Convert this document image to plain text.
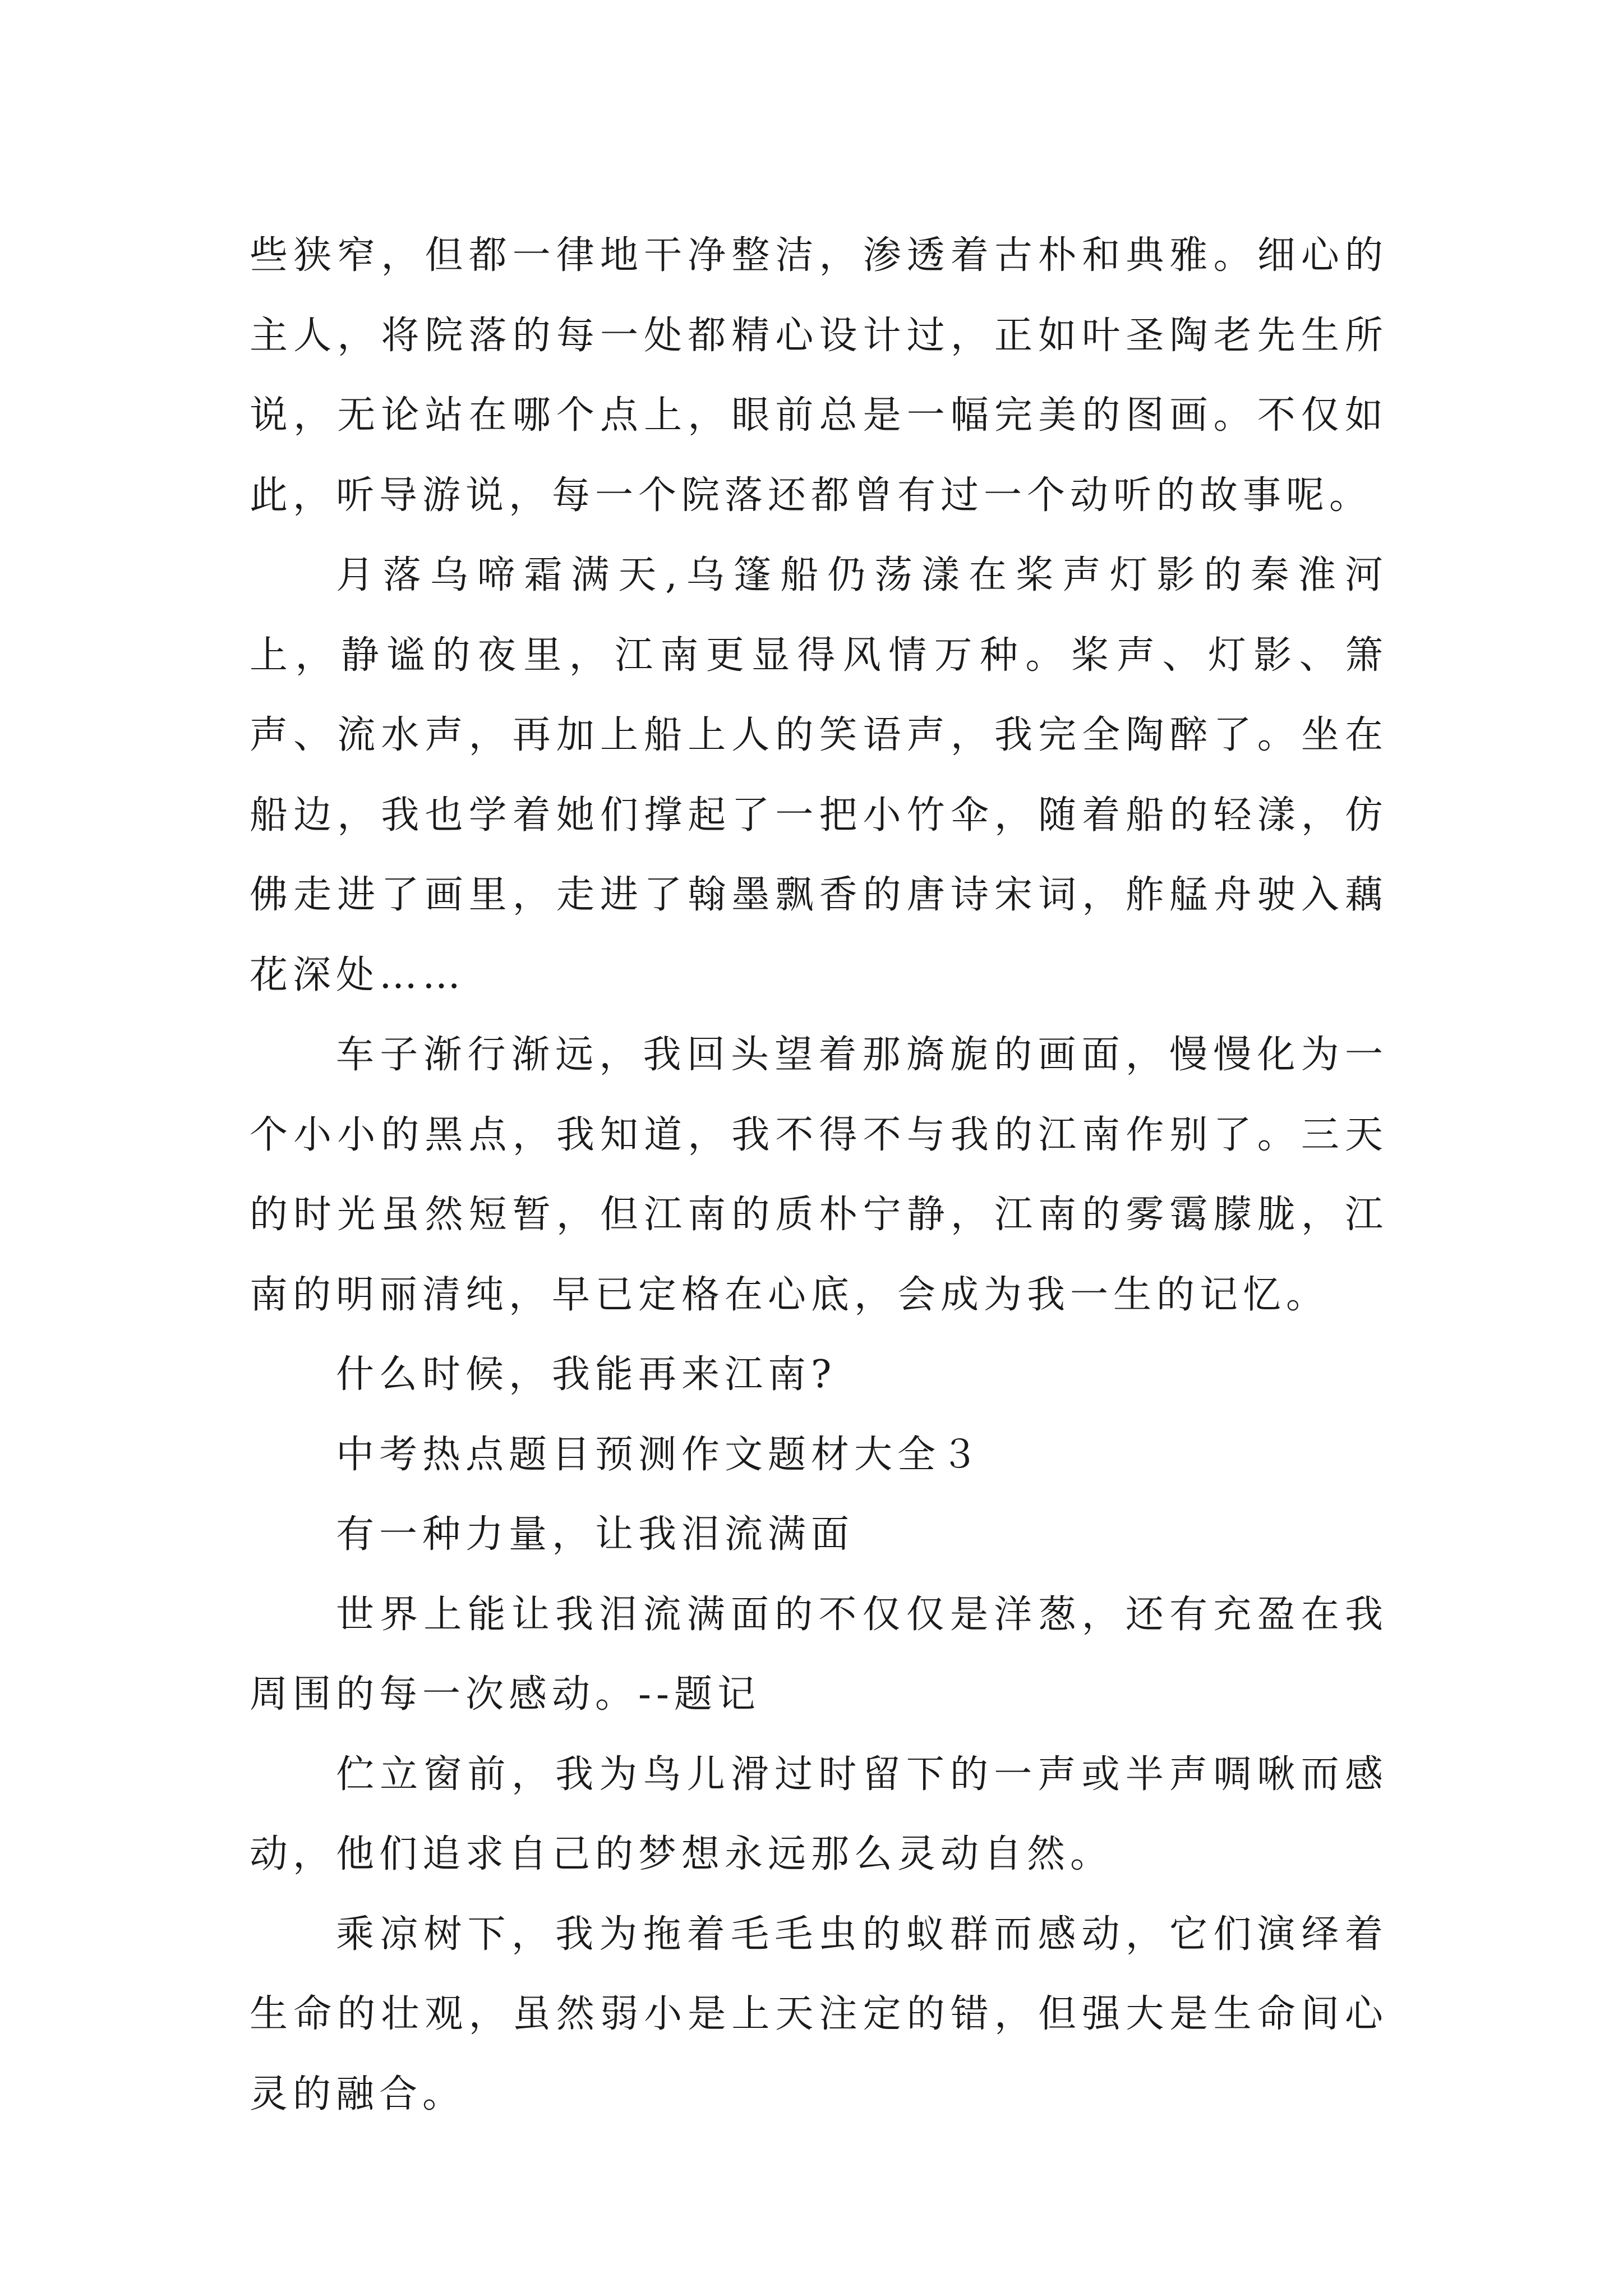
些狭窄，但都一律地干净整洁，渗透着古朴和典雅。细心的主人，将院落的每一处都精心设计过，正如叶圣陶老先生所说，无论站在哪个点上，眼前总是一幅完美的图画。不仅如此，听导游说，每一个院落还都曾有过一个动听的故事呢。

月落乌啼霜满天,乌篷船仍荡漾在桨声灯影的秦淮河上，静谧的夜里，江南更显得风情万种。桨声、灯影、箫声、流水声，再加上船上人的笑语声，我完全陶醉了。坐在船边，我也学着她们撑起了一把小竹伞，随着船的轻漾，仿佛走进了画里，走进了翰墨飘香的唐诗宋词，舴艋舟驶入藕花深处……

车子渐行渐远，我回头望着那旖旎的画面，慢慢化为一个小小的黑点，我知道，我不得不与我的江南作别了。三天的时光虽然短暂，但江南的质朴宁静，江南的雾霭朦胧，江南的明丽清纯，早已定格在心底，会成为我一生的记忆。

什么时候，我能再来江南?

中考热点题目预测作文题材大全３

有一种力量，让我泪流满面

世界上能让我泪流满面的不仅仅是洋葱，还有充盈在我周围的每一次感动。--题记

伫立窗前，我为鸟儿滑过时留下的一声或半声啁啾而感动，他们追求自己的梦想永远那么灵动自然。

乘凉树下，我为拖着毛毛虫的蚁群而感动，它们演绎着生命的壮观，虽然弱小是上天注定的错，但强大是生命间心灵的融合。
